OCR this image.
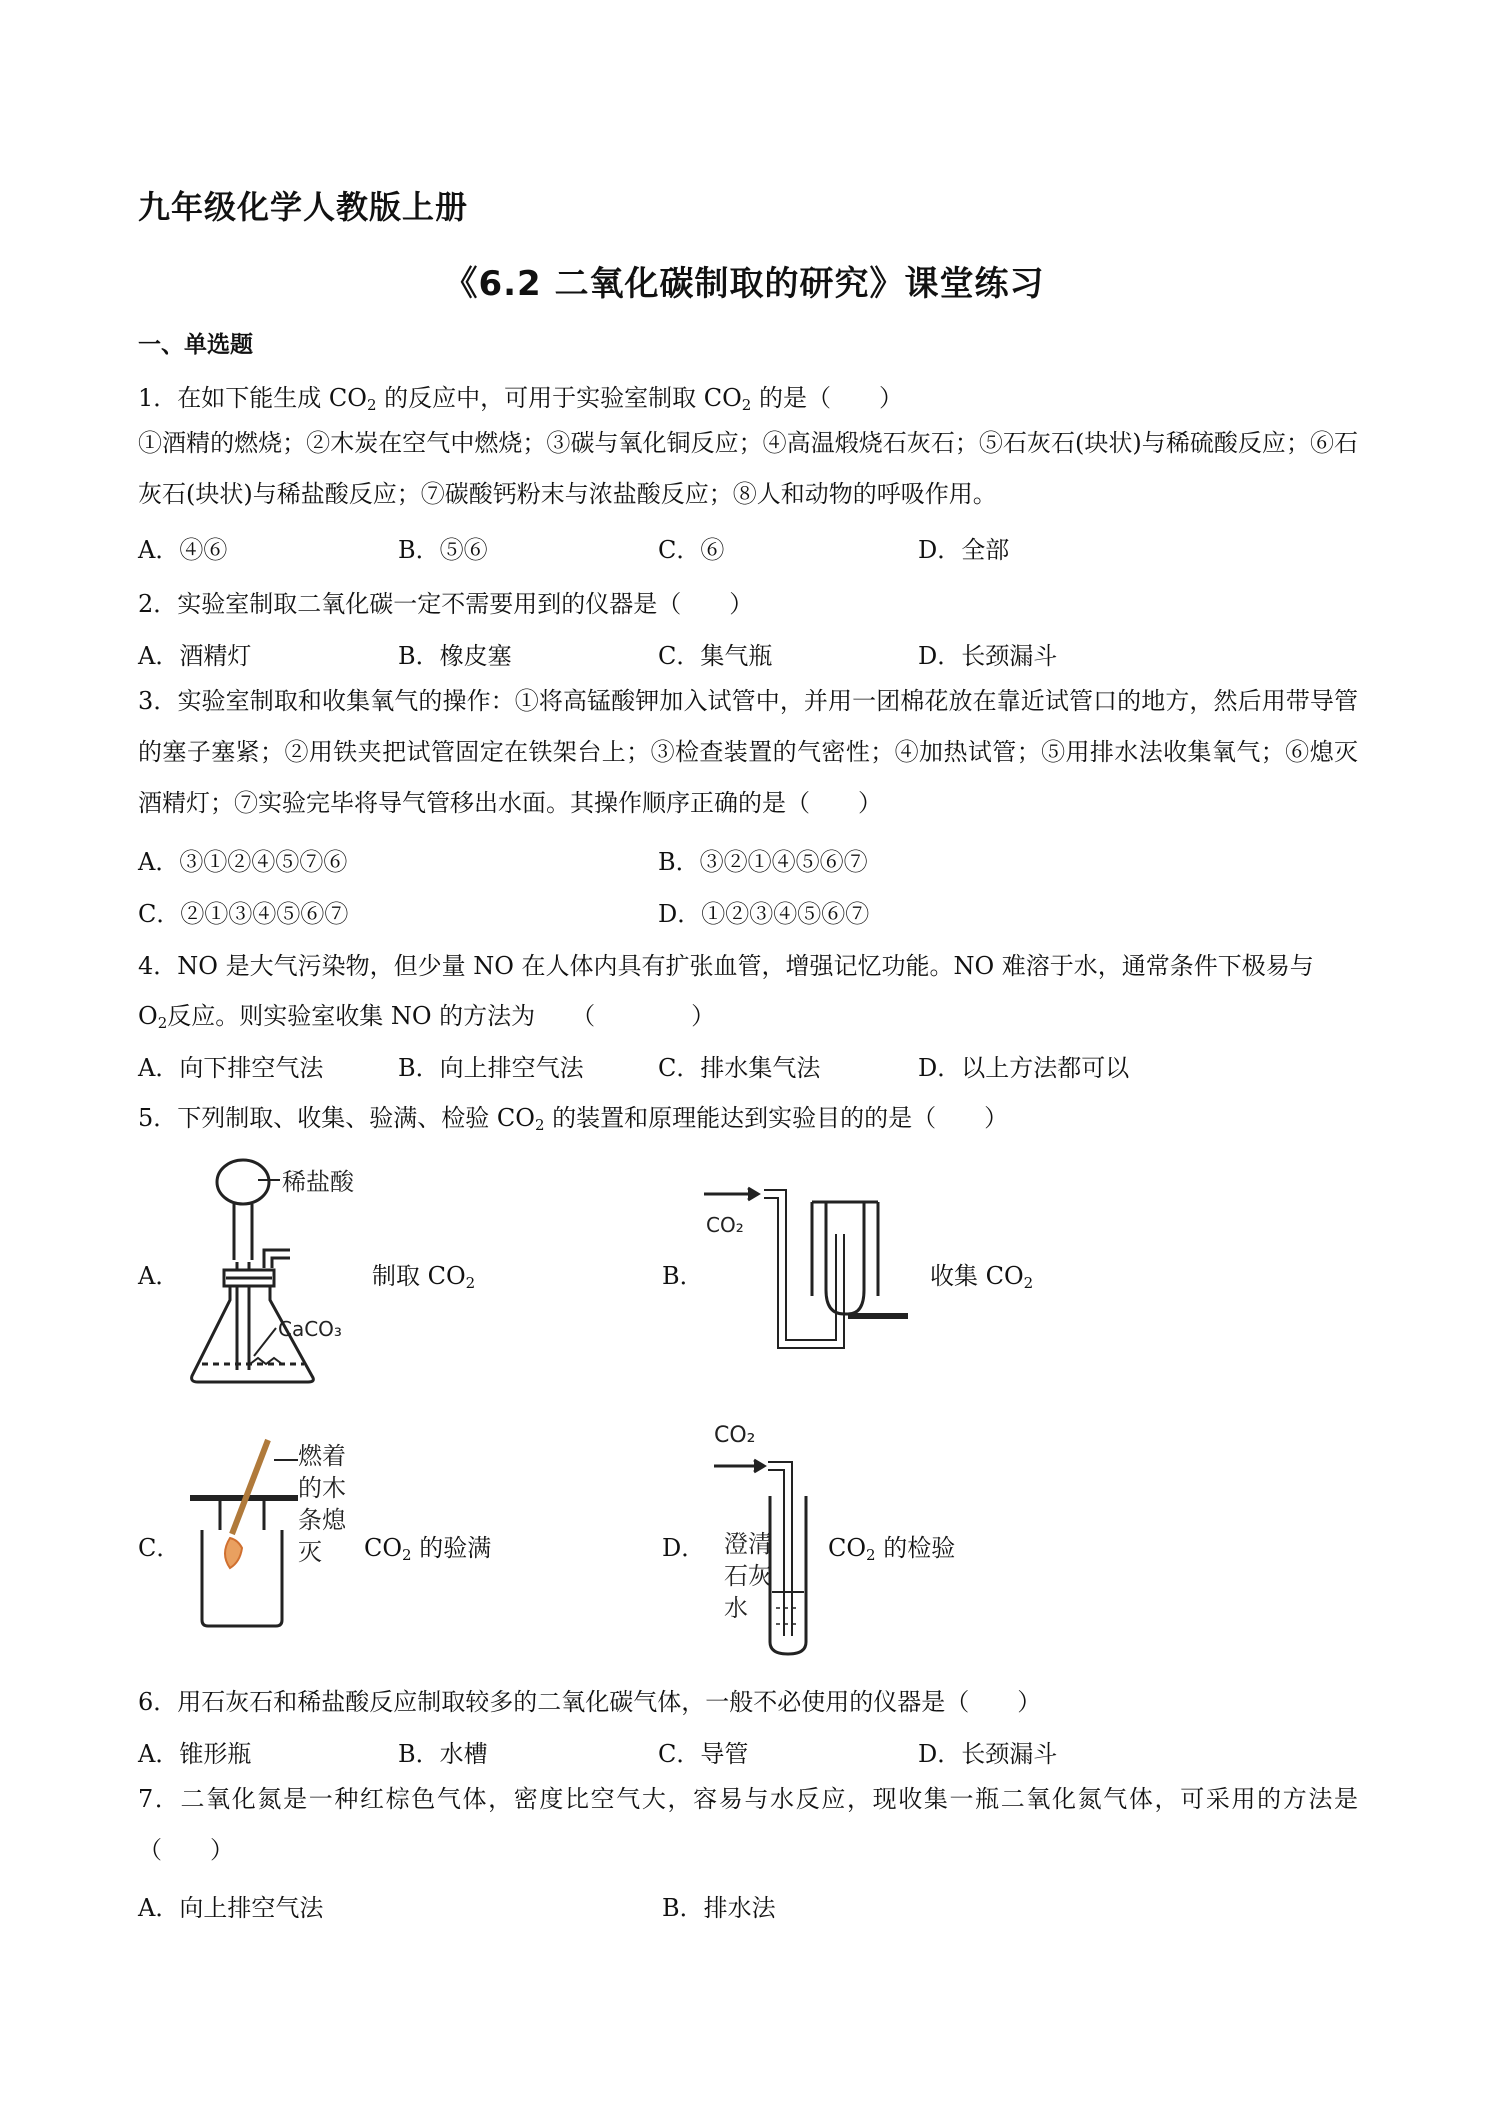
九年级化学人教版上册
《6.2 二氧化碳制取的研究》课堂练习
一、单选题
1．在如下能生成 $CO_2$ 的反应中，可用于实验室制取 $CO_2$ 的是（　　）
①酒精的燃烧；②木炭在空气中燃烧；③碳与氧化铜反应；④高温煅烧石灰石；⑤石灰石(块状)与稀硫酸反应；⑥石灰石(块状)与稀盐酸反应；⑦碳酸钙粉末与浓盐酸反应；⑧人和动物的呼吸作用。
A．④⑥	B．⑤⑥	C．⑥	D．全部
2．实验室制取二氧化碳一定不需要用到的仪器是（　　）
A．酒精灯	B．橡皮塞	C．集气瓶	D．长颈漏斗
3．实验室制取和收集氧气的操作：①将高锰酸钾加入试管中，并用一团棉花放在靠近试管口的地方，然后用带导管的塞子塞紧；②用铁夹把试管固定在铁架台上；③检查装置的气密性；④加热试管；⑤用排水法收集氧气；⑥熄灭酒精灯；⑦实验完毕将导气管移出水面。其操作顺序正确的是（　　）
A．③①②④⑤⑦⑥	B．③②①④⑤⑥⑦
C．②①③④⑤⑥⑦	D．①②③④⑤⑥⑦
4．NO 是大气污染物，但少量 NO 在人体内具有扩张血管，增强记忆功能。NO 难溶于水，通常条件下极易与
$O_2$反应。则实验室收集 NO 的方法为　　（　　　　）
A．向下排空气法	B．向上排空气法	C．排水集气法	D．以上方法都可以
5．下列制取、收集、验满、检验 $CO_2$ 的装置和原理能达到实验目的的是（　　）
A．
稀盐酸
CaCO₃
制取 $CO_2$	B．
CO₂
收集 $CO_2$
C．
燃着
的木
条熄
灭 $CO_2$ 的验满	D．
CO₂
澄清
石灰
水
$CO_2$ 的检验
6．用石灰石和稀盐酸反应制取较多的二氧化碳气体，一般不必使用的仪器是（　　）
A．锥形瓶	B．水槽	C．导管	D．长颈漏斗
7．二氧化氮是一种红棕色气体，密度比空气大，容易与水反应，现收集一瓶二氧化氮气体，可采用的方法是（　　）
A．向上排空气法	B．排水法
